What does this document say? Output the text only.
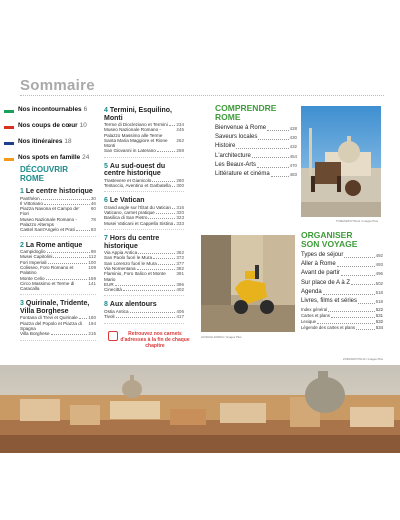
Sommaire
Nos incontournables 6
Nos coups de cœur 10
Nos itinéraires 18
Nos spots en famille 24
DÉCOUVRIR
ROME
1 Le centre historique
Panthéon	30
Il Vittoriano	46
Piazza Navona et Campo de' Fiori
60
Museo Nazionale Romano - Palazzo Altemps
78
Castel Sant'Angelo et Prati	83
2 La Rome antique
Campidoglio	98
Musei Capitolini	112
Fori Imperiali	100
Colisseo, Foro Romano et Palatino
109
Monte Celio	159
Circo Massimo et Terme di Caracalla
141
3 Quirinale, Tridente, Villa Borghese
Fontana di Trevi et Quirinale 160
Piazza del Popolo et Piazza di Spagna
194
Villa Borghese	215
4 Termini, Esquilino, Monti
Terme di Diocleziano et Termini 234
Museo Nazionale Romano - Palazzo Massimo alle Terme
245
Santa Maria Maggiore et Rione Monti
262
San Giovanni in Laterano	268
5 Au sud-ouest du centre historique
Trastevere et Gianicolo	280
Testaccio, Aventino et Garbatella 300
6 Le Vatican
Grand angle sur l'État du Vatican 316
Vaticano, carnet pratique	320
Basilica di San Pietro	323
Musei Vaticani et Cappella Sistina 333
7 Hors du centre historique
Via Appia Antica	362
San Paolo fuori le Mura	372
San Lorenzo fuori le Mura	377
Via Nomentana	382
Flaminio, Foro Italico et Monte Mario
391
EUR	396
Cinecittà	402
8 Aux alentours
Ostia Antica	406
Tivoli	417
Retrouvez nos carnets d'adresses à la fin de chaque chapitre
COMPRENDRE
ROME
Bienvenue à Rome	428
Saveurs locales	430
Histoire	432
L'architecture	454
Les Beaux-Arts	470
Littérature et cinéma	483
TOMASZ/FOTOLIA / Images Plus
GUIDUGLI/ANDIA / Images Plus
ORGANISER
SON VOYAGE
Types de séjour	492
Aller à Rome	493
Avant de partir	496
Sur place de A à Z	502
Agenda	518
Livres, films et séries	518
Index général	522
Cartes et plans	531
Lexique	532
Légende des cartes et plans	534
ZORAN/FOTOLIA / Images Plus
